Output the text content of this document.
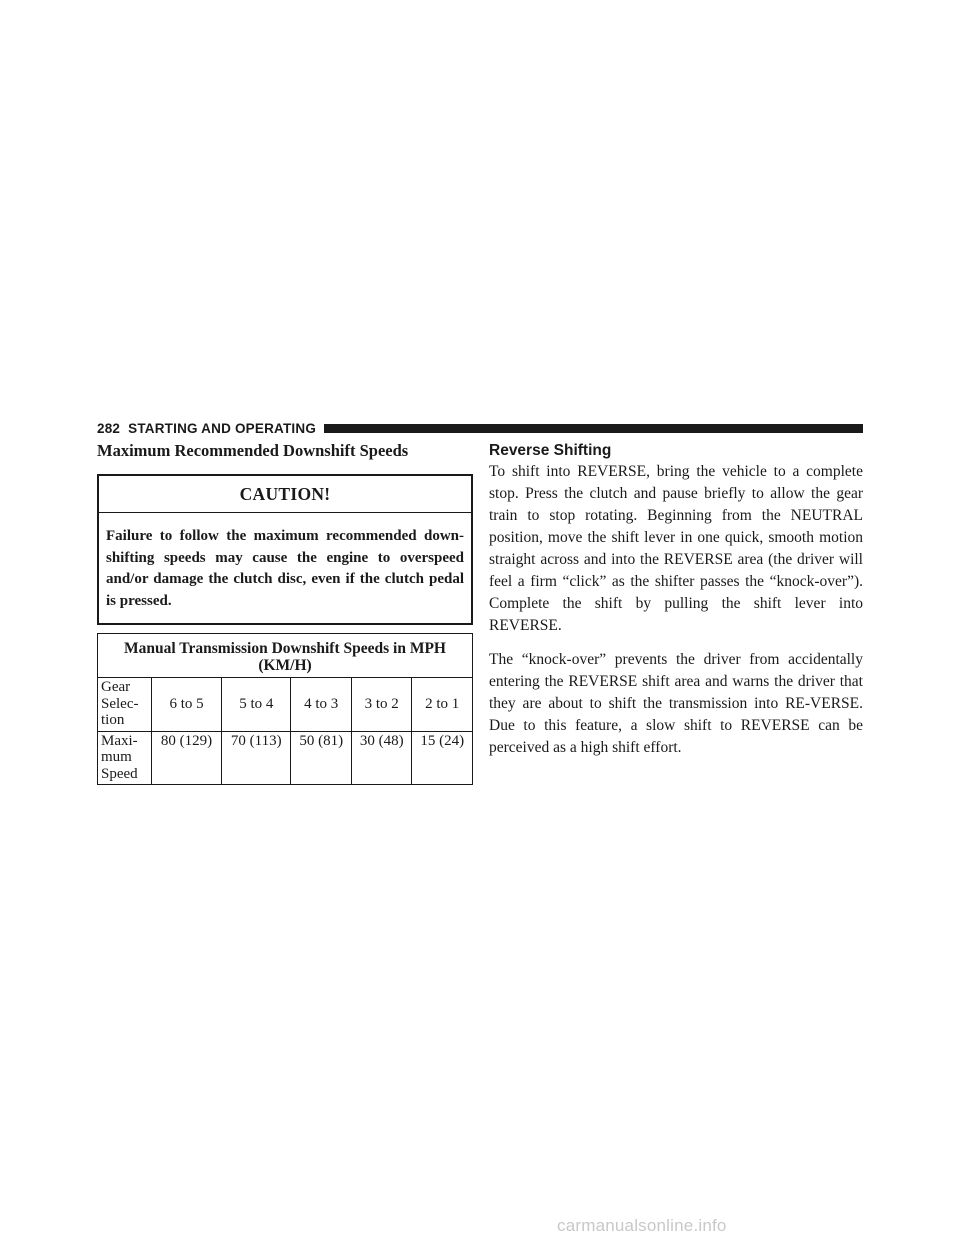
282 STARTING AND OPERATING
Maximum Recommended Downshift Speeds
CAUTION!
Failure to follow the maximum recommended down-shifting speeds may cause the engine to overspeed and/or damage the clutch disc, even if the clutch pedal is pressed.
Manual Transmission Downshift Speeds in MPH (KM/H)					
Gear Selec-tion	6 to 5	5 to 4	4 to 3	3 to 2	2 to 1
Maxi-mum Speed	80 (129)	70 (113)	50 (81)	30 (48)	15 (24)
Reverse Shifting

To shift into REVERSE, bring the vehicle to a complete stop. Press the clutch and pause briefly to allow the gear train to stop rotating. Beginning from the NEUTRAL position, move the shift lever in one quick, smooth motion straight across and into the REVERSE area (the driver will feel a firm “click” as the shifter passes the “knock-over”). Complete the shift by pulling the shift lever into REVERSE.

The “knock-over” prevents the driver from accidentally entering the REVERSE shift area and warns the driver that they are about to shift the transmission into RE-VERSE. Due to this feature, a slow shift to REVERSE can be perceived as a high shift effort.

carmanualsonline.info
